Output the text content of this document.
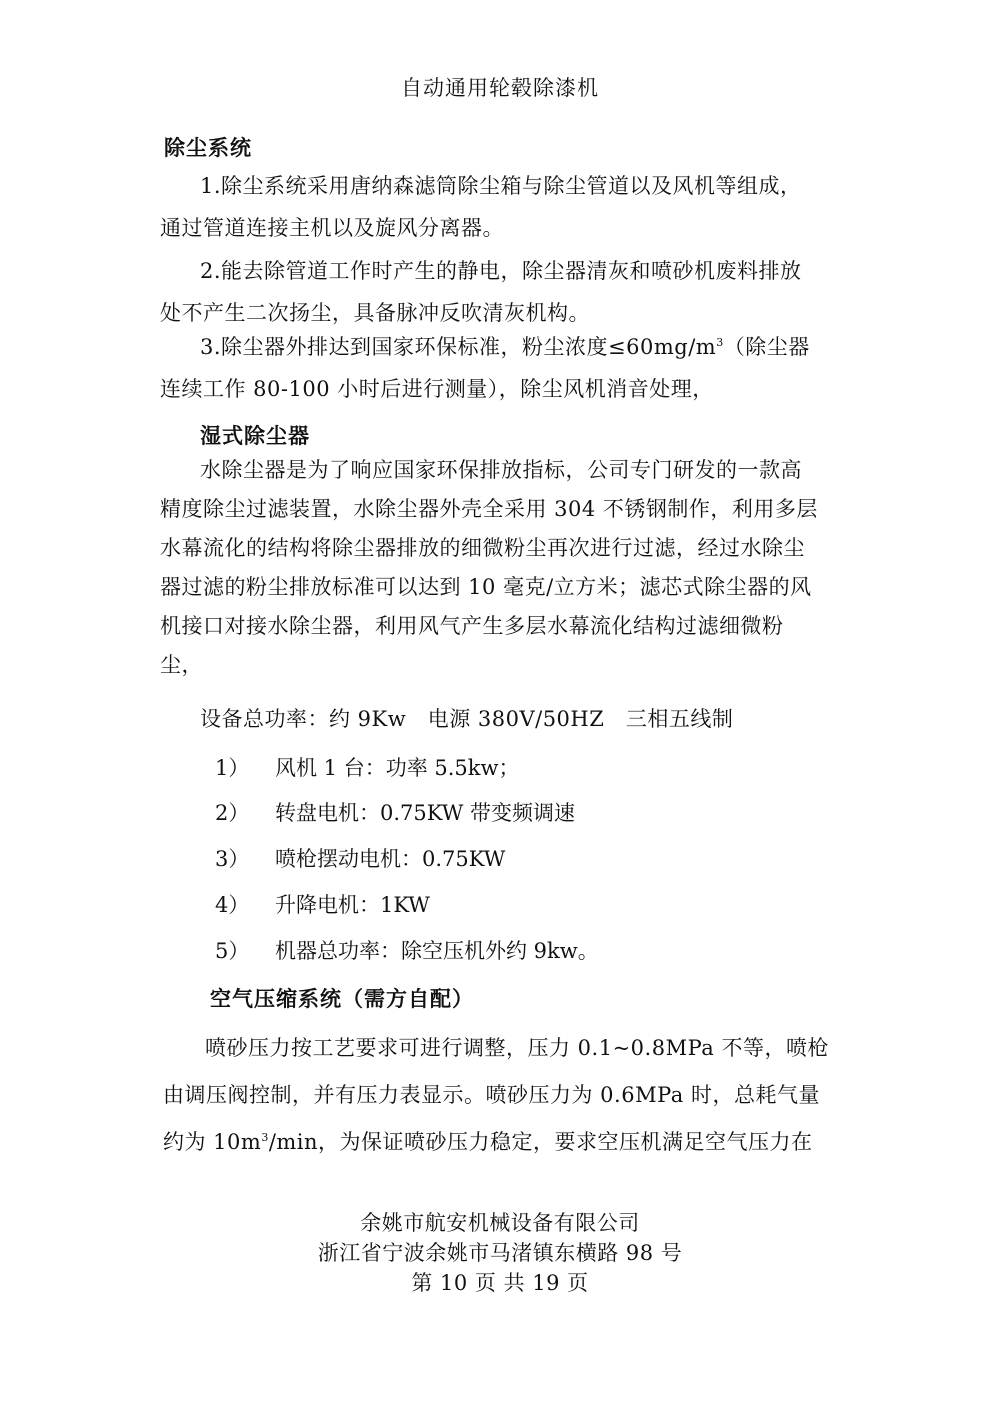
自动通用轮毂除漆机
除尘系统
1.除尘系统采用唐纳森滤筒除尘箱与除尘管道以及风机等组成，
通过管道连接主机以及旋风分离器。
2.能去除管道工作时产生的静电，除尘器清灰和喷砂机废料排放
处不产生二次扬尘，具备脉冲反吹清灰机构。
3.除尘器外排达到国家环保标准，粉尘浓度$\le 60mg/m^3$（除尘器
连续工作 80-100 小时后进行测量），除尘风机消音处理，
湿式除尘器
水除尘器是为了响应国家环保排放指标，公司专门研发的一款高
精度除尘过滤装置，水除尘器外壳全采用 304 不锈钢制作，利用多层
水幕流化的结构将除尘器排放的细微粉尘再次进行过滤，经过水除尘
器过滤的粉尘排放标准可以达到 10 毫克/立方米；滤芯式除尘器的风
机接口对接水除尘器，利用风气产生多层水幕流化结构过滤细微粉
尘，
设备总功率：约 9Kw　电源 380V/50HZ　三相五线制
1） 风机 1 台：功率 5.5kw；
2） 转盘电机：0.75KW 带变频调速
3） 喷枪摆动电机：0.75KW
4） 升降电机：1KW
5） 机器总功率：除空压机外约 9kw。
空气压缩系统（需方自配）
喷砂压力按工艺要求可进行调整，压力 0.1~0.8MPa 不等，喷枪
由调压阀控制，并有压力表显示。喷砂压力为 0.6MPa 时，总耗气量
约为 $10m^3/\min$，为保证喷砂压力稳定，要求空压机满足空气压力在
余姚市航安机械设备有限公司
浙江省宁波余姚市马渚镇东横路 98 号
第 10 页 共 19 页
